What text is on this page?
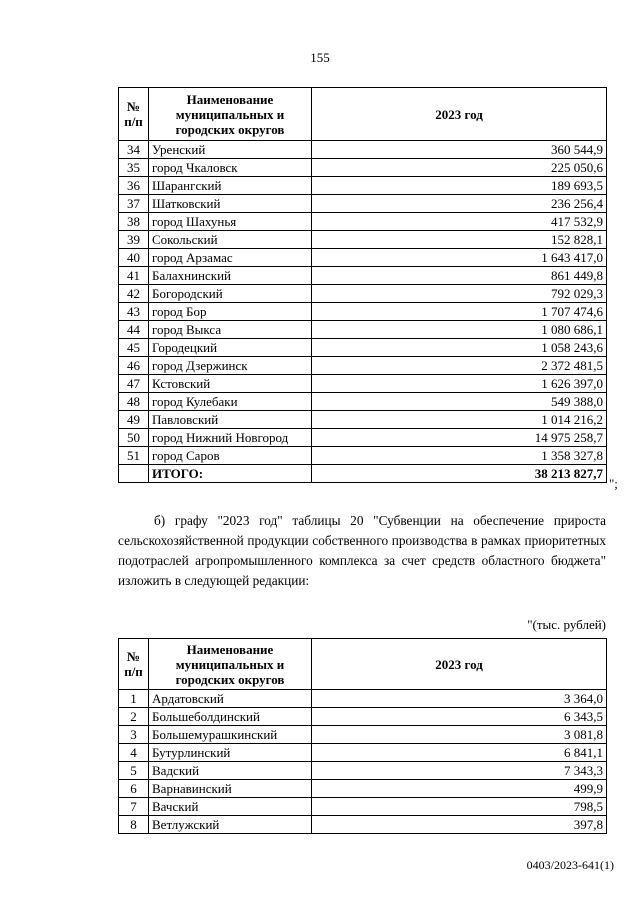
155
№ п/п	Наименование муниципальных и городских округов	2023 год
34	Уренский	360 544,9
35	город Чкаловск	225 050,6
36	Шарангский	189 693,5
37	Шатковский	236 256,4
38	город Шахунья	417 532,9
39	Сокольский	152 828,1
40	город Арзамас	1 643 417,0
41	Балахнинский	861 449,8
42	Богородский	792 029,3
43	город Бор	1 707 474,6
44	город Выкса	1 080 686,1
45	Городецкий	1 058 243,6
46	город Дзержинск	2 372 481,5
47	Кстовский	1 626 397,0
48	город Кулебаки	549 388,0
49	Павловский	1 014 216,2
50	город Нижний Новгород	14 975 258,7
51	город Саров	1 358 327,8
	ИТОГО:	38 213 827,7
";
б) графу "2023 год" таблицы 20 "Субвенции на обеспечение прироста сельскохозяйственной продукции собственного производства в рамках приоритетных подотраслей агропромышленного комплекса за счет средств областного бюджета" изложить в следующей редакции:
"(тыс. рублей)
№ п/п	Наименование муниципальных и городских округов	2023 год
1	Ардатовский	3 364,0
2	Большеболдинский	6 343,5
3	Большемурашкинский	3 081,8
4	Бутурлинский	6 841,1
5	Вадский	7 343,3
6	Варнавинский	499,9
7	Вачский	798,5
8	Ветлужский	397,8
0403/2023-641(1)
